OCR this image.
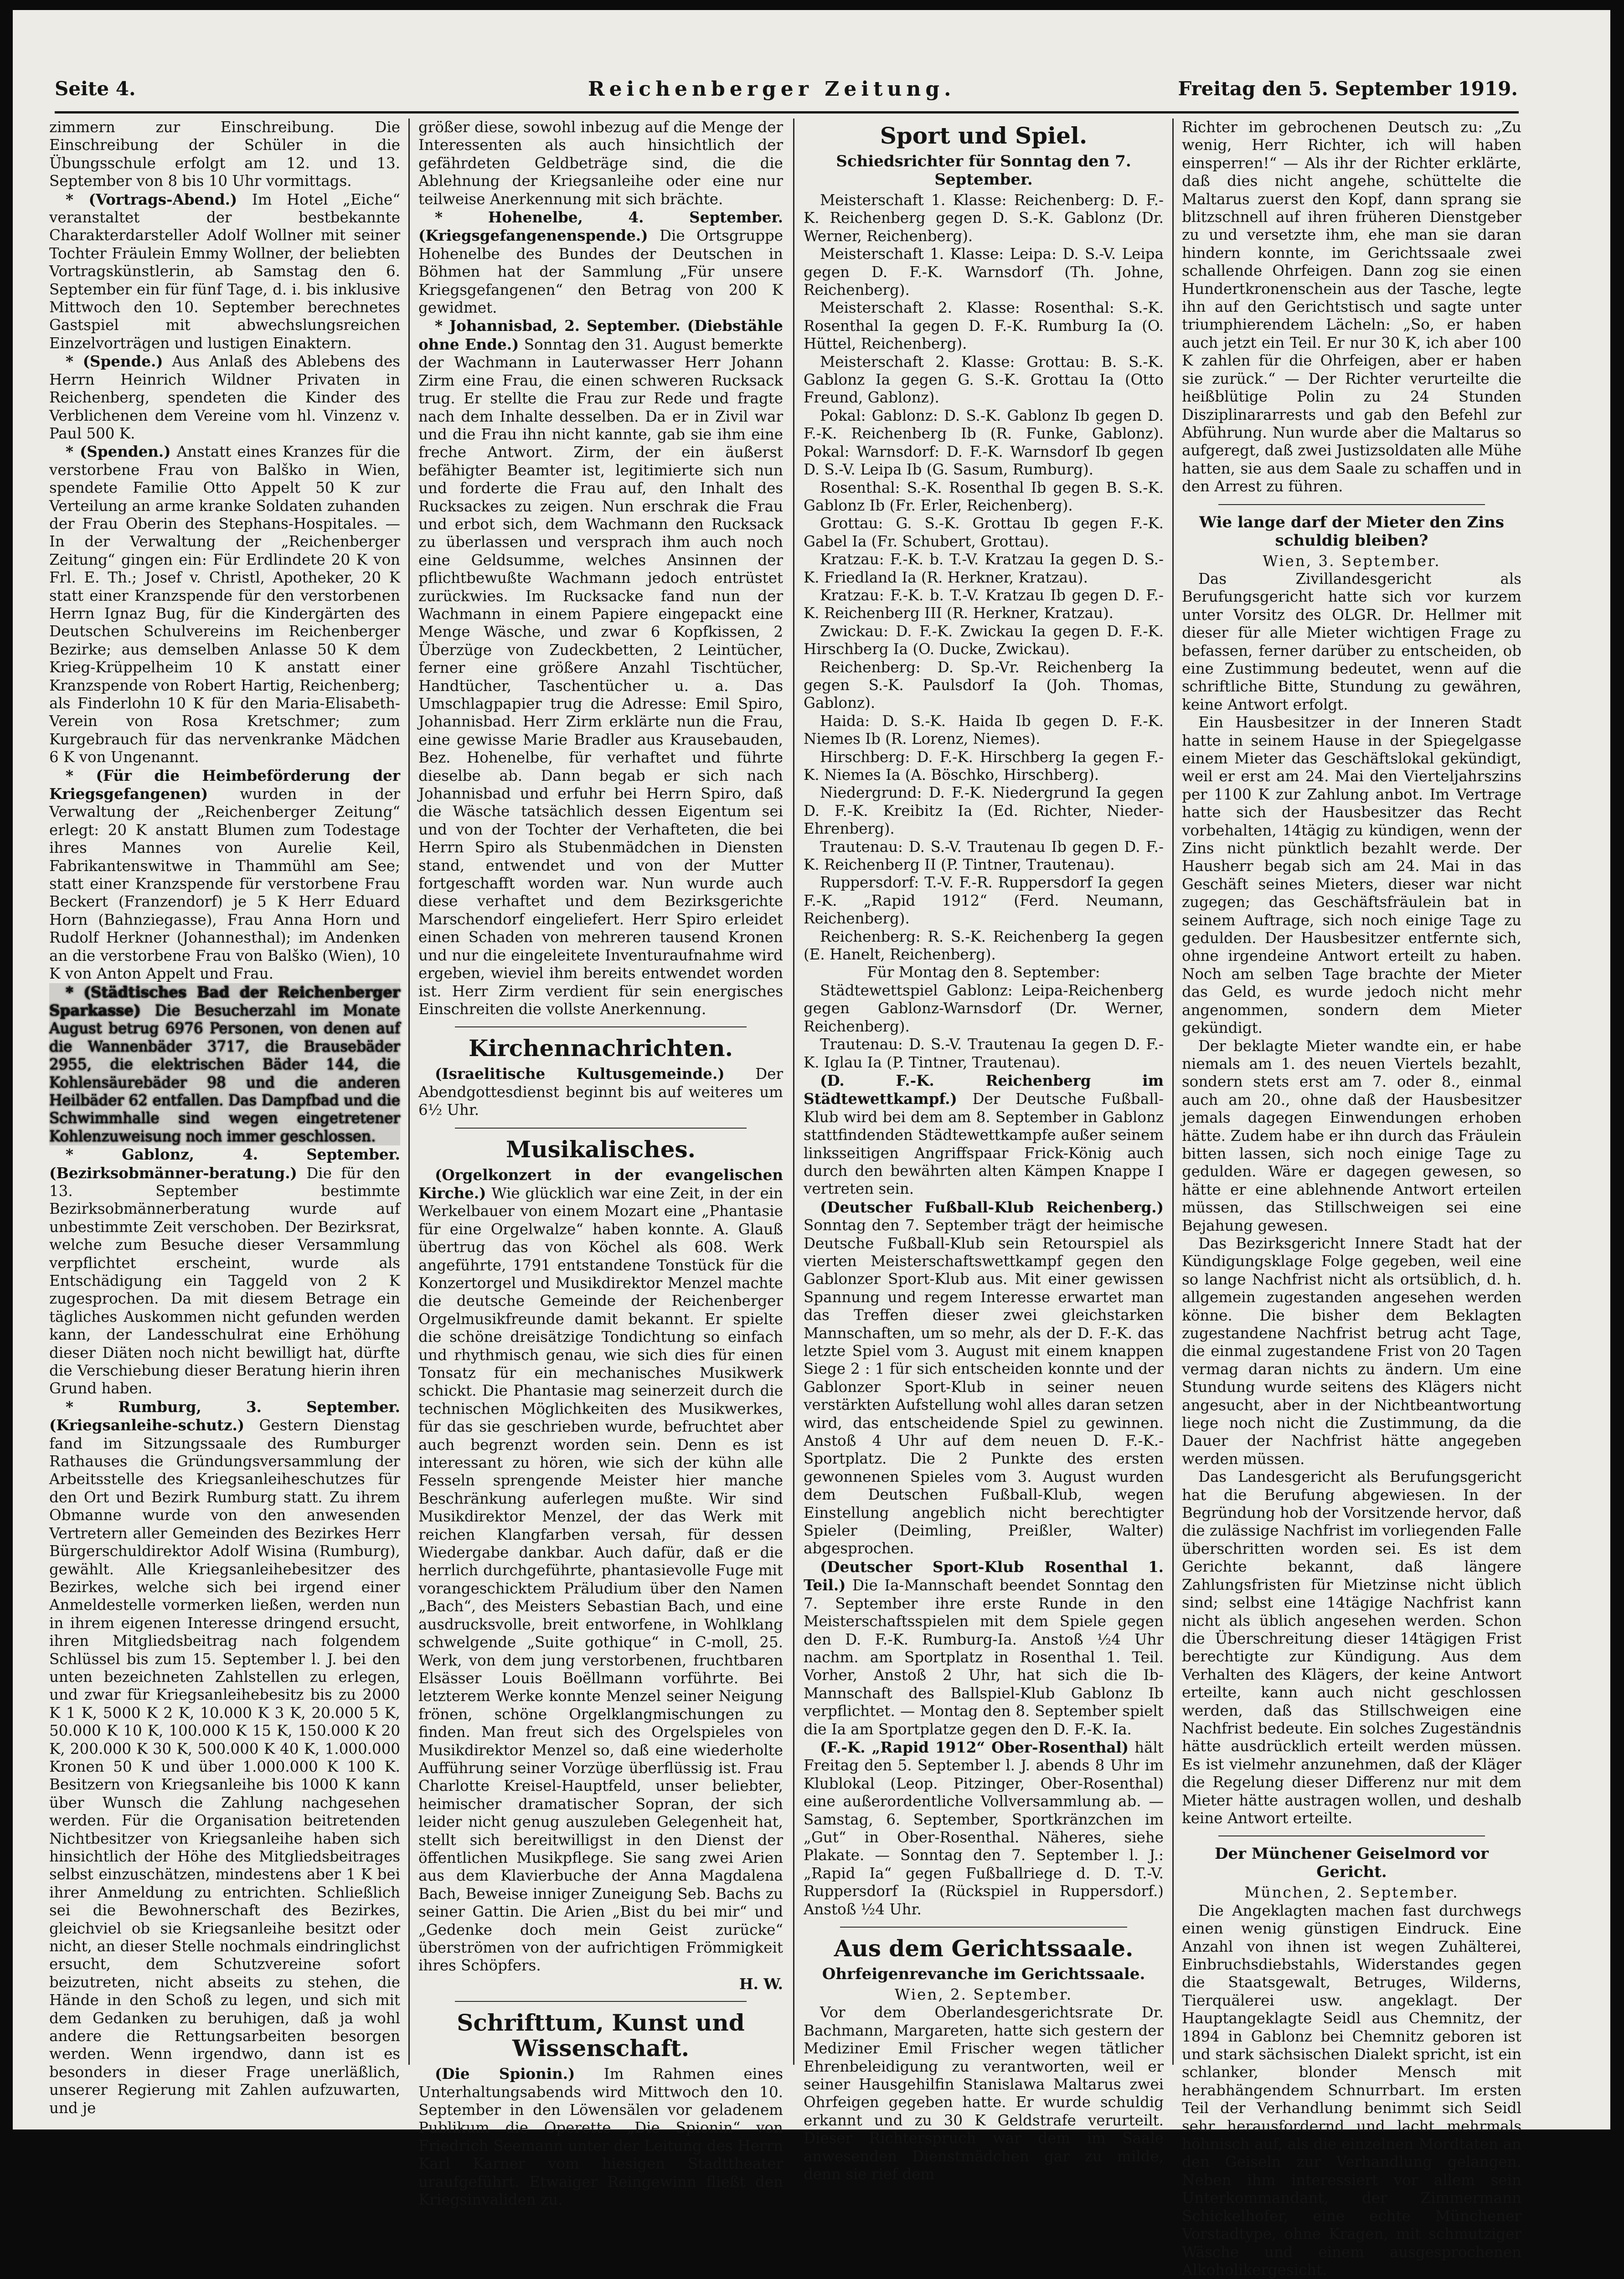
Seite 4.	Reichenberger Zeitung.	Freitag den 5. September 1919.

zimmern zur Einschreibung. Die Einschreibung der Schüler in die Übungsschule erfolgt am 12. und 13. September von 8 bis 10 Uhr vormittags.

* (Vortrags-Abend.) Im Hotel „Eiche“ veranstaltet der bestbekannte Charakterdarsteller Adolf Wollner mit seiner Tochter Fräulein Emmy Wollner, der beliebten Vortragskünstlerin, ab Samstag den 6. September ein für fünf Tage, d. i. bis inklusive Mittwoch den 10. September berechnetes Gastspiel mit abwechslungsreichen Einzelvorträgen und lustigen Einaktern.

* (Spende.) Aus Anlaß des Ablebens des Herrn Heinrich Wildner Privaten in Reichenberg, spendeten die Kinder des Verblichenen dem Vereine vom hl. Vinzenz v. Paul 500 K.

* (Spenden.) Anstatt eines Kranzes für die verstorbene Frau von Balško in Wien, spendete Familie Otto Appelt 50 K zur Verteilung an arme kranke Soldaten zuhanden der Frau Oberin des Stephans-Hospitales. — In der Verwaltung der „Reichenberger Zeitung“ gingen ein: Für Erdlindete 20 K von Frl. E. Th.; Josef v. Christl, Apotheker, 20 K statt einer Kranzspende für den verstorbenen Herrn Ignaz Bug, für die Kindergärten des Deutschen Schulvereins im Reichenberger Bezirke; aus demselben Anlasse 50 K dem Krieg-Krüppelheim 10 K anstatt einer Kranzspende von Robert Hartig, Reichenberg; als Finderlohn 10 K für den Maria-Elisabeth-Verein von Rosa Kretschmer; zum Kurgebrauch für das nervenkranke Mädchen 6 K von Ungenannt.

* (Für die Heimbeförderung der Kriegsgefangenen) wurden in der Verwaltung der „Reichenberger Zeitung“ erlegt: 20 K anstatt Blumen zum Todestage ihres Mannes von Aurelie Keil, Fabrikantenswitwe in Thammühl am See; statt einer Kranzspende für verstorbene Frau Beckert (Franzendorf) je 5 K Herr Eduard Horn (Bahnziegasse), Frau Anna Horn und Rudolf Herkner (Johannesthal); im Andenken an die verstorbene Frau von Balško (Wien), 10 K von Anton Appelt und Frau.

* (Städtisches Bad der Reichenberger Sparkasse) Die Besucherzahl im Monate August betrug 6976 Personen, von denen auf die Wannenbäder 3717, die Brausebäder 2955, die elektrischen Bäder 144, die Kohlensäurebäder 98 und die anderen Heilbäder 62 entfallen. Das Dampfbad und die Schwimmhalle sind wegen eingetretener Kohlenzuweisung noch immer geschlossen.

* Gablonz, 4. September. (Bezirksobmänner-beratung.) Die für den 13. September bestimmte Bezirksobmännerberatung wurde auf unbestimmte Zeit verschoben. Der Bezirksrat, welche zum Besuche dieser Versammlung verpflichtet erscheint, wurde als Entschädigung ein Taggeld von 2 K zugesprochen. Da mit diesem Betrage ein tägliches Auskommen nicht gefunden werden kann, der Landesschulrat eine Erhöhung dieser Diäten noch nicht bewilligt hat, dürfte die Verschiebung dieser Beratung hierin ihren Grund haben.

* Rumburg, 3. September. (Kriegsanleihe-schutz.) Gestern Dienstag fand im Sitzungssaale des Rumburger Rathauses die Gründungsversammlung der Arbeitsstelle des Kriegsanleiheschutzes für den Ort und Bezirk Rumburg statt. Zu ihrem Obmanne wurde von den anwesenden Vertretern aller Gemeinden des Bezirkes Herr Bürgerschuldirektor Adolf Wisina (Rumburg), gewählt. Alle Kriegsanleihebesitzer des Bezirkes, welche sich bei irgend einer Anmeldestelle vormerken ließen, werden nun in ihrem eigenen Interesse dringend ersucht, ihren Mitgliedsbeitrag nach folgendem Schlüssel bis zum 15. September l. J. bei den unten bezeichneten Zahlstellen zu erlegen, und zwar für Kriegsanleihebesitz bis zu 2000 K 1 K, 5000 K 2 K, 10.000 K 3 K, 20.000 5 K, 50.000 K 10 K, 100.000 K 15 K, 150.000 K 20 K, 200.000 K 30 K, 500.000 K 40 K, 1.000.000 Kronen 50 K und über 1.000.000 K 100 K. Besitzern von Kriegsanleihe bis 1000 K kann über Wunsch die Zahlung nachgesehen werden. Für die Organisation beitretenden Nichtbesitzer von Kriegsanleihe haben sich hinsichtlich der Höhe des Mitgliedsbeitrages selbst einzuschätzen, mindestens aber 1 K bei ihrer Anmeldung zu entrichten. Schließlich sei die Bewohnerschaft des Bezirkes, gleichviel ob sie Kriegsanleihe besitzt oder nicht, an dieser Stelle nochmals eindringlichst ersucht, dem Schutzvereine sofort beizutreten, nicht abseits zu stehen, die Hände in den Schoß zu legen, und sich mit dem Gedanken zu beruhigen, daß ja wohl andere die Rettungsarbeiten besorgen werden. Wenn irgendwo, dann ist es besonders in dieser Frage unerläßlich, unserer Regierung mit Zahlen aufzuwarten, und je

größer diese, sowohl inbezug auf die Menge der Interessenten als auch hinsichtlich der gefährdeten Geldbeträge sind, die die Ablehnung der Kriegsanleihe oder eine nur teilweise Anerkennung mit sich brächte.

* Hohenelbe, 4. September. (Kriegsgefangenenspende.) Die Ortsgruppe Hohenelbe des Bundes der Deutschen in Böhmen hat der Sammlung „Für unsere Kriegsgefangenen“ den Betrag von 200 K gewidmet.

* Johannisbad, 2. September. (Diebstähle ohne Ende.) Sonntag den 31. August bemerkte der Wachmann in Lauterwasser Herr Johann Zirm eine Frau, die einen schweren Rucksack trug. Er stellte die Frau zur Rede und fragte nach dem Inhalte desselben. Da er in Zivil war und die Frau ihn nicht kannte, gab sie ihm eine freche Antwort. Zirm, der ein äußerst befähigter Beamter ist, legitimierte sich nun und forderte die Frau auf, den Inhalt des Rucksackes zu zeigen. Nun erschrak die Frau und erbot sich, dem Wachmann den Rucksack zu überlassen und versprach ihm auch noch eine Geldsumme, welches Ansinnen der pflichtbewußte Wachmann jedoch entrüstet zurückwies. Im Rucksacke fand nun der Wachmann in einem Papiere eingepackt eine Menge Wäsche, und zwar 6 Kopfkissen, 2 Überzüge von Zudeckbetten, 2 Leintücher, ferner eine größere Anzahl Tischtücher, Handtücher, Taschentücher u. a. Das Umschlagpapier trug die Adresse: Emil Spiro, Johannisbad. Herr Zirm erklärte nun die Frau, eine gewisse Marie Bradler aus Krausebauden, Bez. Hohenelbe, für verhaftet und führte dieselbe ab. Dann begab er sich nach Johannisbad und erfuhr bei Herrn Spiro, daß die Wäsche tatsächlich dessen Eigentum sei und von der Tochter der Verhafteten, die bei Herrn Spiro als Stubenmädchen in Diensten stand, entwendet und von der Mutter fortgeschafft worden war. Nun wurde auch diese verhaftet und dem Bezirksgerichte Marschendorf eingeliefert. Herr Spiro erleidet einen Schaden von mehreren tausend Kronen und nur die eingeleitete Inventuraufnahme wird ergeben, wieviel ihm bereits entwendet worden ist. Herr Zirm verdient für sein energisches Einschreiten die vollste Anerkennung.

Kirchennachrichten.

(Israelitische Kultusgemeinde.) Der Abendgottesdienst beginnt bis auf weiteres um 6½ Uhr.

Musikalisches.

(Orgelkonzert in der evangelischen Kirche.) Wie glücklich war eine Zeit, in der ein Werkelbauer von einem Mozart eine „Phantasie für eine Orgelwalze“ haben konnte. A. Glauß übertrug das von Köchel als 608. Werk angeführte, 1791 entstandene Tonstück für die Konzertorgel und Musikdirektor Menzel machte die deutsche Gemeinde der Reichenberger Orgelmusikfreunde damit bekannt. Er spielte die schöne dreisätzige Tondichtung so einfach und rhythmisch genau, wie sich dies für einen Tonsatz für ein mechanisches Musikwerk schickt. Die Phantasie mag seinerzeit durch die technischen Möglichkeiten des Musikwerkes, für das sie geschrieben wurde, befruchtet aber auch begrenzt worden sein. Denn es ist interessant zu hören, wie sich der kühn alle Fesseln sprengende Meister hier manche Beschränkung auferlegen mußte. Wir sind Musikdirektor Menzel, der das Werk mit reichen Klangfarben versah, für dessen Wiedergabe dankbar. Auch dafür, daß er die herrlich durchgeführte, phantasievolle Fuge mit vorangeschicktem Präludium über den Namen „Bach“, des Meisters Sebastian Bach, und eine ausdrucksvolle, breit entworfene, in Wohlklang schwelgende „Suite gothique“ in C-moll, 25. Werk, von dem jung verstorbenen, fruchtbaren Elsässer Louis Boëllmann vorführte. Bei letzterem Werke konnte Menzel seiner Neigung frönen, schöne Orgelklangmischungen zu finden. Man freut sich des Orgelspieles von Musikdirektor Menzel so, daß eine wiederholte Aufführung seiner Vorzüge überflüssig ist. Frau Charlotte Kreisel-Hauptfeld, unser beliebter, heimischer dramatischer Sopran, der sich leider nicht genug auszuleben Gelegenheit hat, stellt sich bereitwilligst in den Dienst der öffentlichen Musikpflege. Sie sang zwei Arien aus dem Klavierbuche der Anna Magdalena Bach, Beweise inniger Zuneigung Seb. Bachs zu seiner Gattin. Die Arien „Bist du bei mir“ und „Gedenke doch mein Geist zurücke“ überströmen von der aufrichtigen Frömmigkeit ihres Schöpfers.

H. W.

Schrifttum, Kunst und Wissenschaft.

(Die Spionin.) Im Rahmen eines Unterhaltungsabends wird Mittwoch den 10. September in den Löwensälen vor geladenem Publikum die Operette „Die Spionin“ von Friedrich Seemann unter der Leitung des Herrn Karl Karner vom hiesigen Stadttheater uraufgeführt. Etwaiger Reingewinn fließt den Kriegsinvaliden zu.

Sport und Spiel.
Schiedsrichter für Sonntag den 7. September.

Meisterschaft 1. Klasse: Reichenberg: D. F.-K. Reichenberg gegen D. S.-K. Gablonz (Dr. Werner, Reichenberg).

Meisterschaft 1. Klasse: Leipa: D. S.-V. Leipa gegen D. F.-K. Warnsdorf (Th. Johne, Reichenberg).

Meisterschaft 2. Klasse: Rosenthal: S.-K. Rosenthal Ia gegen D. F.-K. Rumburg Ia (O. Hüttel, Reichenberg).

Meisterschaft 2. Klasse: Grottau: B. S.-K. Gablonz Ia gegen G. S.-K. Grottau Ia (Otto Freund, Gablonz).

Pokal: Gablonz: D. S.-K. Gablonz Ib gegen D. F.-K. Reichenberg Ib (R. Funke, Gablonz). Pokal: Warnsdorf: D. F.-K. Warnsdorf Ib gegen D. S.-V. Leipa Ib (G. Sasum, Rumburg).

Rosenthal: S.-K. Rosenthal Ib gegen B. S.-K. Gablonz Ib (Fr. Erler, Reichenberg).

Grottau: G. S.-K. Grottau Ib gegen F.-K. Gabel Ia (Fr. Schubert, Grottau).

Kratzau: F.-K. b. T.-V. Kratzau Ia gegen D. S.-K. Friedland Ia (R. Herkner, Kratzau).

Kratzau: F.-K. b. T.-V. Kratzau Ib gegen D. F.-K. Reichenberg III (R. Herkner, Kratzau).

Zwickau: D. F.-K. Zwickau Ia gegen D. F.-K. Hirschberg Ia (O. Ducke, Zwickau).

Reichenberg: D. Sp.-Vr. Reichenberg Ia gegen S.-K. Paulsdorf Ia (Joh. Thomas, Gablonz).

Haida: D. S.-K. Haida Ib gegen D. F.-K. Niemes Ib (R. Lorenz, Niemes).

Hirschberg: D. F.-K. Hirschberg Ia gegen F.-K. Niemes Ia (A. Böschko, Hirschberg).

Niedergrund: D. F.-K. Niedergrund Ia gegen D. F.-K. Kreibitz Ia (Ed. Richter, Nieder-Ehrenberg).

Trautenau: D. S.-V. Trautenau Ib gegen D. F.-K. Reichenberg II (P. Tintner, Trautenau).

Ruppersdorf: T.-V. F.-R. Ruppersdorf Ia gegen F.-K. „Rapid 1912“ (Ferd. Neumann, Reichenberg).

Reichenberg: R. S.-K. Reichenberg Ia gegen (E. Hanelt, Reichenberg).

Für Montag den 8. September:

Städtewettspiel Gablonz: Leipa-Reichenberg gegen Gablonz-Warnsdorf (Dr. Werner, Reichenberg).

Trautenau: D. S.-V. Trautenau Ia gegen D. F.-K. Iglau Ia (P. Tintner, Trautenau).

(D. F.-K. Reichenberg im Städtewettkampf.) Der Deutsche Fußball-Klub wird bei dem am 8. September in Gablonz stattfindenden Städtewettkampfe außer seinem linksseitigen Angriffspaar Frick-König auch durch den bewährten alten Kämpen Knappe I vertreten sein.

(Deutscher Fußball-Klub Reichenberg.) Sonntag den 7. September trägt der heimische Deutsche Fußball-Klub sein Retourspiel als vierten Meisterschaftswettkampf gegen den Gablonzer Sport-Klub aus. Mit einer gewissen Spannung und regem Interesse erwartet man das Treffen dieser zwei gleichstarken Mannschaften, um so mehr, als der D. F.-K. das letzte Spiel vom 3. August mit einem knappen Siege 2 : 1 für sich entscheiden konnte und der Gablonzer Sport-Klub in seiner neuen verstärkten Aufstellung wohl alles daran setzen wird, das entscheidende Spiel zu gewinnen. Anstoß 4 Uhr auf dem neuen D. F.-K.-Sportplatz. Die 2 Punkte des ersten gewonnenen Spieles vom 3. August wurden dem Deutschen Fußball-Klub, wegen Einstellung angeblich nicht berechtigter Spieler (Deimling, Preißler, Walter) abgesprochen.

(Deutscher Sport-Klub Rosenthal 1. Teil.) Die Ia-Mannschaft beendet Sonntag den 7. September ihre erste Runde in den Meisterschaftsspielen mit dem Spiele gegen den D. F.-K. Rumburg-Ia. Anstoß ½4 Uhr nachm. am Sportplatz in Rosenthal 1. Teil. Vorher, Anstoß 2 Uhr, hat sich die Ib-Mannschaft des Ballspiel-Klub Gablonz Ib verpflichtet. — Montag den 8. September spielt die Ia am Sportplatze gegen den D. F.-K. Ia.

(F.-K. „Rapid 1912“ Ober-Rosenthal) hält Freitag den 5. September l. J. abends 8 Uhr im Klublokal (Leop. Pitzinger, Ober-Rosenthal) eine außerordentliche Vollversammlung ab. — Samstag, 6. September, Sportkränzchen im „Gut“ in Ober-Rosenthal. Näheres, siehe Plakate. — Sonntag den 7. September l. J.: „Rapid Ia“ gegen Fußballriege d. D. T.-V. Ruppersdorf Ia (Rückspiel in Ruppersdorf.) Anstoß ½4 Uhr.

Aus dem Gerichtssaale.
Ohrfeigenrevanche im Gerichtssaale.

Wien, 2. September.

Vor dem Oberlandesgerichtsrate Dr. Bachmann, Margareten, hatte sich gestern der Mediziner Emil Frischer wegen tätlicher Ehrenbeleidigung zu verantworten, weil er seiner Hausgehilfin Stanislawa Maltarus zwei Ohrfeigen gegeben hatte. Er wurde schuldig erkannt und zu 30 K Geldstrafe verurteilt. Dieser Richterspruch war dem im Saale anwesenden Dienstmädchen gar zu milde, denn sie rief dem

Richter im gebrochenen Deutsch zu: „Zu wenig, Herr Richter, ich will haben einsperren!“ — Als ihr der Richter erklärte, daß dies nicht angehe, schüttelte die Maltarus zuerst den Kopf, dann sprang sie blitzschnell auf ihren früheren Dienstgeber zu und versetzte ihm, ehe man sie daran hindern konnte, im Gerichtssaale zwei schallende Ohrfeigen. Dann zog sie einen Hundertkronenschein aus der Tasche, legte ihn auf den Gerichtstisch und sagte unter triumphierendem Lächeln: „So, er haben auch jetzt ein Teil. Er nur 30 K, ich aber 100 K zahlen für die Ohrfeigen, aber er haben sie zurück.“ — Der Richter verurteilte die heißblütige Polin zu 24 Stunden Disziplinararrests und gab den Befehl zur Abführung. Nun wurde aber die Maltarus so aufgeregt, daß zwei Justizsoldaten alle Mühe hatten, sie aus dem Saale zu schaffen und in den Arrest zu führen.

Wie lange darf der Mieter den Zins schuldig bleiben?

Wien, 3. September.

Das Zivillandesgericht als Berufungsgericht hatte sich vor kurzem unter Vorsitz des OLGR. Dr. Hellmer mit dieser für alle Mieter wichtigen Frage zu befassen, ferner darüber zu entscheiden, ob eine Zustimmung bedeutet, wenn auf die schriftliche Bitte, Stundung zu gewähren, keine Antwort erfolgt.

Ein Hausbesitzer in der Inneren Stadt hatte in seinem Hause in der Spiegelgasse einem Mieter das Geschäftslokal gekündigt, weil er erst am 24. Mai den Vierteljahrszins per 1100 K zur Zahlung anbot. Im Vertrage hatte sich der Hausbesitzer das Recht vorbehalten, 14tägig zu kündigen, wenn der Zins nicht pünktlich bezahlt werde. Der Hausherr begab sich am 24. Mai in das Geschäft seines Mieters, dieser war nicht zugegen; das Geschäftsfräulein bat in seinem Auftrage, sich noch einige Tage zu gedulden. Der Hausbesitzer entfernte sich, ohne irgendeine Antwort erteilt zu haben. Noch am selben Tage brachte der Mieter das Geld, es wurde jedoch nicht mehr angenommen, sondern dem Mieter gekündigt.

Der beklagte Mieter wandte ein, er habe niemals am 1. des neuen Viertels bezahlt, sondern stets erst am 7. oder 8., einmal auch am 20., ohne daß der Hausbesitzer jemals dagegen Einwendungen erhoben hätte. Zudem habe er ihn durch das Fräulein bitten lassen, sich noch einige Tage zu gedulden. Wäre er dagegen gewesen, so hätte er eine ablehnende Antwort erteilen müssen, das Stillschweigen sei eine Bejahung gewesen.

Das Bezirksgericht Innere Stadt hat der Kündigungsklage Folge gegeben, weil eine so lange Nachfrist nicht als ortsüblich, d. h. allgemein zugestanden angesehen werden könne. Die bisher dem Beklagten zugestandene Nachfrist betrug acht Tage, die einmal zugestandene Frist von 20 Tagen vermag daran nichts zu ändern. Um eine Stundung wurde seitens des Klägers nicht angesucht, aber in der Nichtbeantwortung liege noch nicht die Zustimmung, da die Dauer der Nachfrist hätte angegeben werden müssen.

Das Landesgericht als Berufungsgericht hat die Berufung abgewiesen. In der Begründung hob der Vorsitzende hervor, daß die zulässige Nachfrist im vorliegenden Falle überschritten worden sei. Es ist dem Gerichte bekannt, daß längere Zahlungsfristen für Mietzinse nicht üblich sind; selbst eine 14tägige Nachfrist kann nicht als üblich angesehen werden. Schon die Überschreitung dieser 14tägigen Frist berechtigte zur Kündigung. Aus dem Verhalten des Klägers, der keine Antwort erteilte, kann auch nicht geschlossen werden, daß das Stillschweigen eine Nachfrist bedeute. Ein solches Zugeständnis hätte ausdrücklich erteilt werden müssen. Es ist vielmehr anzunehmen, daß der Kläger die Regelung dieser Differenz nur mit dem Mieter hätte austragen wollen, und deshalb keine Antwort erteilte.

Der Münchener Geiselmord vor Gericht.

München, 2. September.

Die Angeklagten machen fast durchwegs einen wenig günstigen Eindruck. Eine Anzahl von ihnen ist wegen Zuhälterei, Einbruchsdiebstahls, Widerstandes gegen die Staatsgewalt, Betruges, Wilderns, Tierquälerei usw. angeklagt. Der Hauptangeklagte Seidl aus Chemnitz, der 1894 in Gablonz bei Chemnitz geboren ist und stark sächsischen Dialekt spricht, ist ein schlanker, blonder Mensch mit herabhängendem Schnurrbart. Im ersten Teil der Verhandlung benimmt sich Seidl sehr herausfordernd und lacht mehrmals höhnisch auf, als die einzelnen Mordtaten an den Geiseln zur Verhandlung gelangen. Neben ihm interessiert vor allem sein Unterkommandant, der Zimmermann Schickelhofer, eine echte Münchener Vorstadtype, ohne Kragen, mit schmutziger Wäsche und einem ausgesprochenen Alkoholikergesicht.
